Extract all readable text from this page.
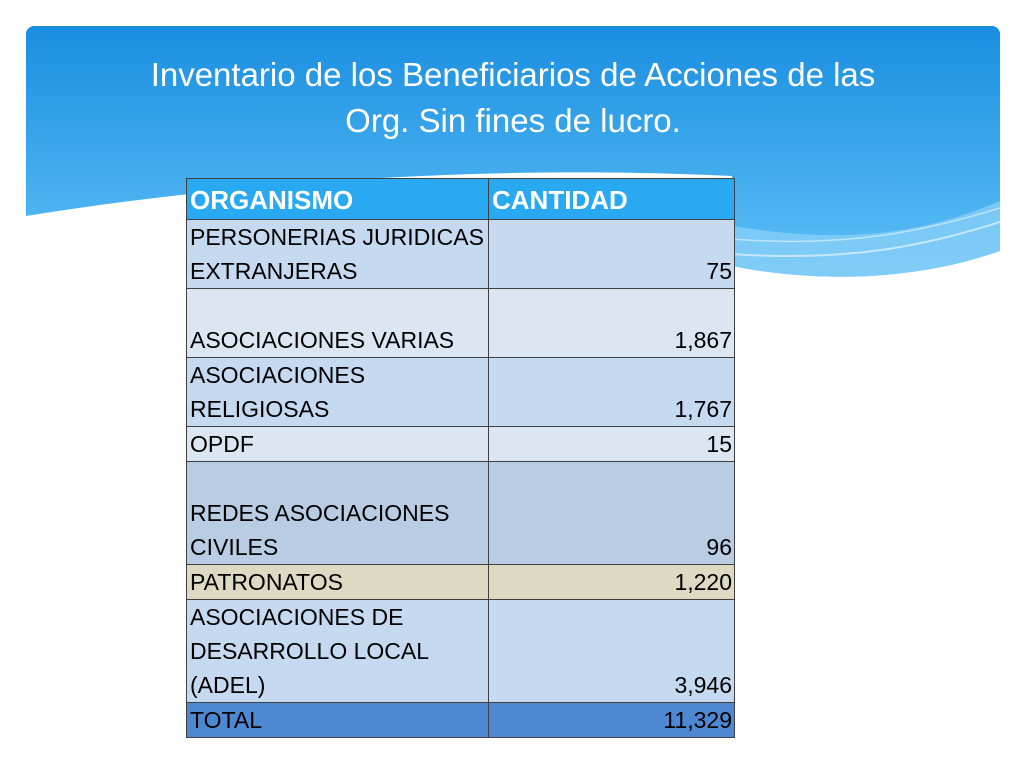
Inventario de los Beneficiarios de Acciones de las
Org. Sin fines de lucro.
ORGANISMO	CANTIDAD
PERSONERIAS JURIDICAS EXTRANJERAS	75
ASOCIACIONES VARIAS	1,867
ASOCIACIONES RELIGIOSAS	1,767
OPDF	15
REDES ASOCIACIONES CIVILES	96
PATRONATOS	1,220
ASOCIACIONES DE DESARROLLO LOCAL (ADEL)	3,946
TOTAL	11,329
